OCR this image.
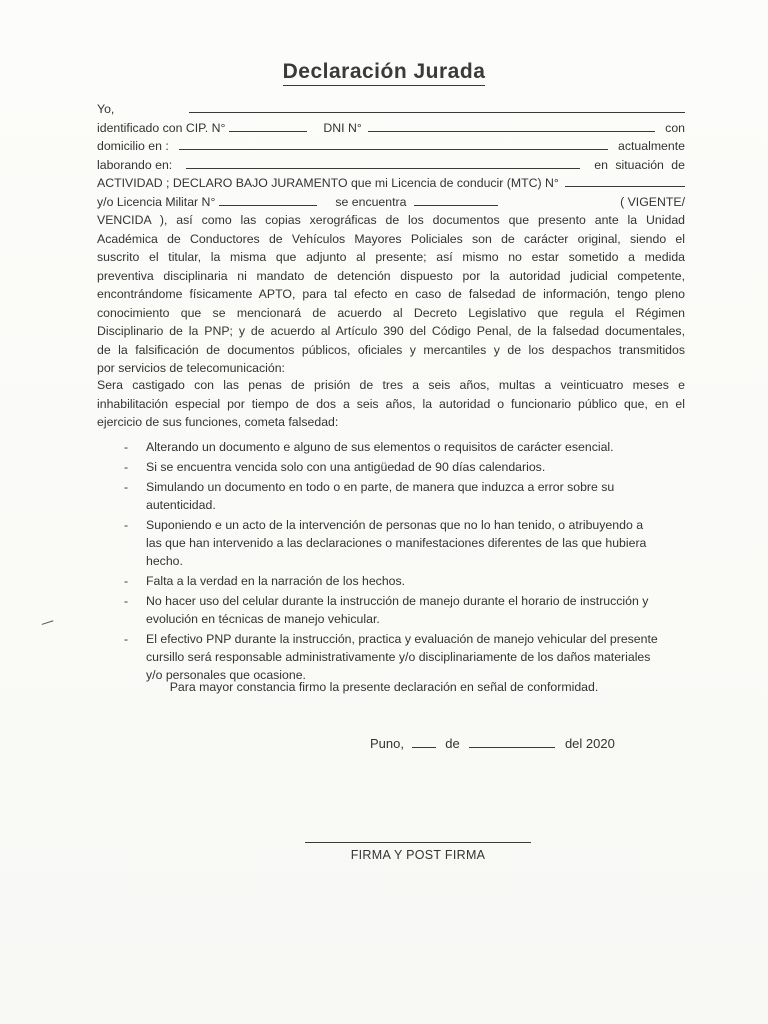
Declaración Jurada
Yo,
identificado con CIP. N°	DNI N°	con
domicilio en :	actualmente
laborando en:	en situación de
ACTIVIDAD ; DECLARO BAJO JURAMENTO que mi Licencia de conducir (MTC) N°
y/o Licencia Militar N°	se encuentra	( VIGENTE/
VENCIDA ), así como las copias xerográficas de los documentos que presento ante la Unidad
Académica de Conductores de Vehículos Mayores Policiales son de carácter original, siendo el
suscrito el titular, la misma que adjunto al presente; así mismo no estar sometido a medida
preventiva disciplinaria ni mandato de detención dispuesto por la autoridad judicial competente,
encontrándome físicamente APTO, para tal efecto en caso de falsedad de información, tengo pleno
conocimiento que se mencionará de acuerdo al Decreto Legislativo que regula el Régimen
Disciplinario de la PNP; y de acuerdo al Artículo 390 del Código Penal, de la falsedad documentales,
de la falsificación de documentos públicos, oficiales y mercantiles y de los despachos transmitidos
por servicios de telecomunicación:
Sera castigado con las penas de prisión de tres a seis años, multas a veinticuatro meses e
inhabilitación especial por tiempo de dos a seis años, la autoridad o funcionario público que, en el
ejercicio de sus funciones, cometa falsedad:
- Alterando un documento e alguno de sus elementos o requisitos de carácter esencial.
- Si se encuentra vencida solo con una antigüedad de 90 días calendarios.
- Simulando un documento en todo o en parte, de manera que induzca a error sobre su
autenticidad.
- Suponiendo e un acto de la intervención de personas que no lo han tenido, o atribuyendo a
las que han intervenido a las declaraciones o manifestaciones diferentes de las que hubiera
hecho.
- Falta a la verdad en la narración de los hechos.
- No hacer uso del celular durante la instrucción de manejo durante el horario de instrucción y
evolución en técnicas de manejo vehicular.
- El efectivo PNP durante la instrucción, practica y evaluación de manejo vehicular del presente
cursillo será responsable administrativamente y/o disciplinariamente de los daños materiales
y/o personales que ocasione.
Para mayor constancia firmo la presente declaración en señal de conformidad.
Puno,	de	del 2020
FIRMA Y POST FIRMA
